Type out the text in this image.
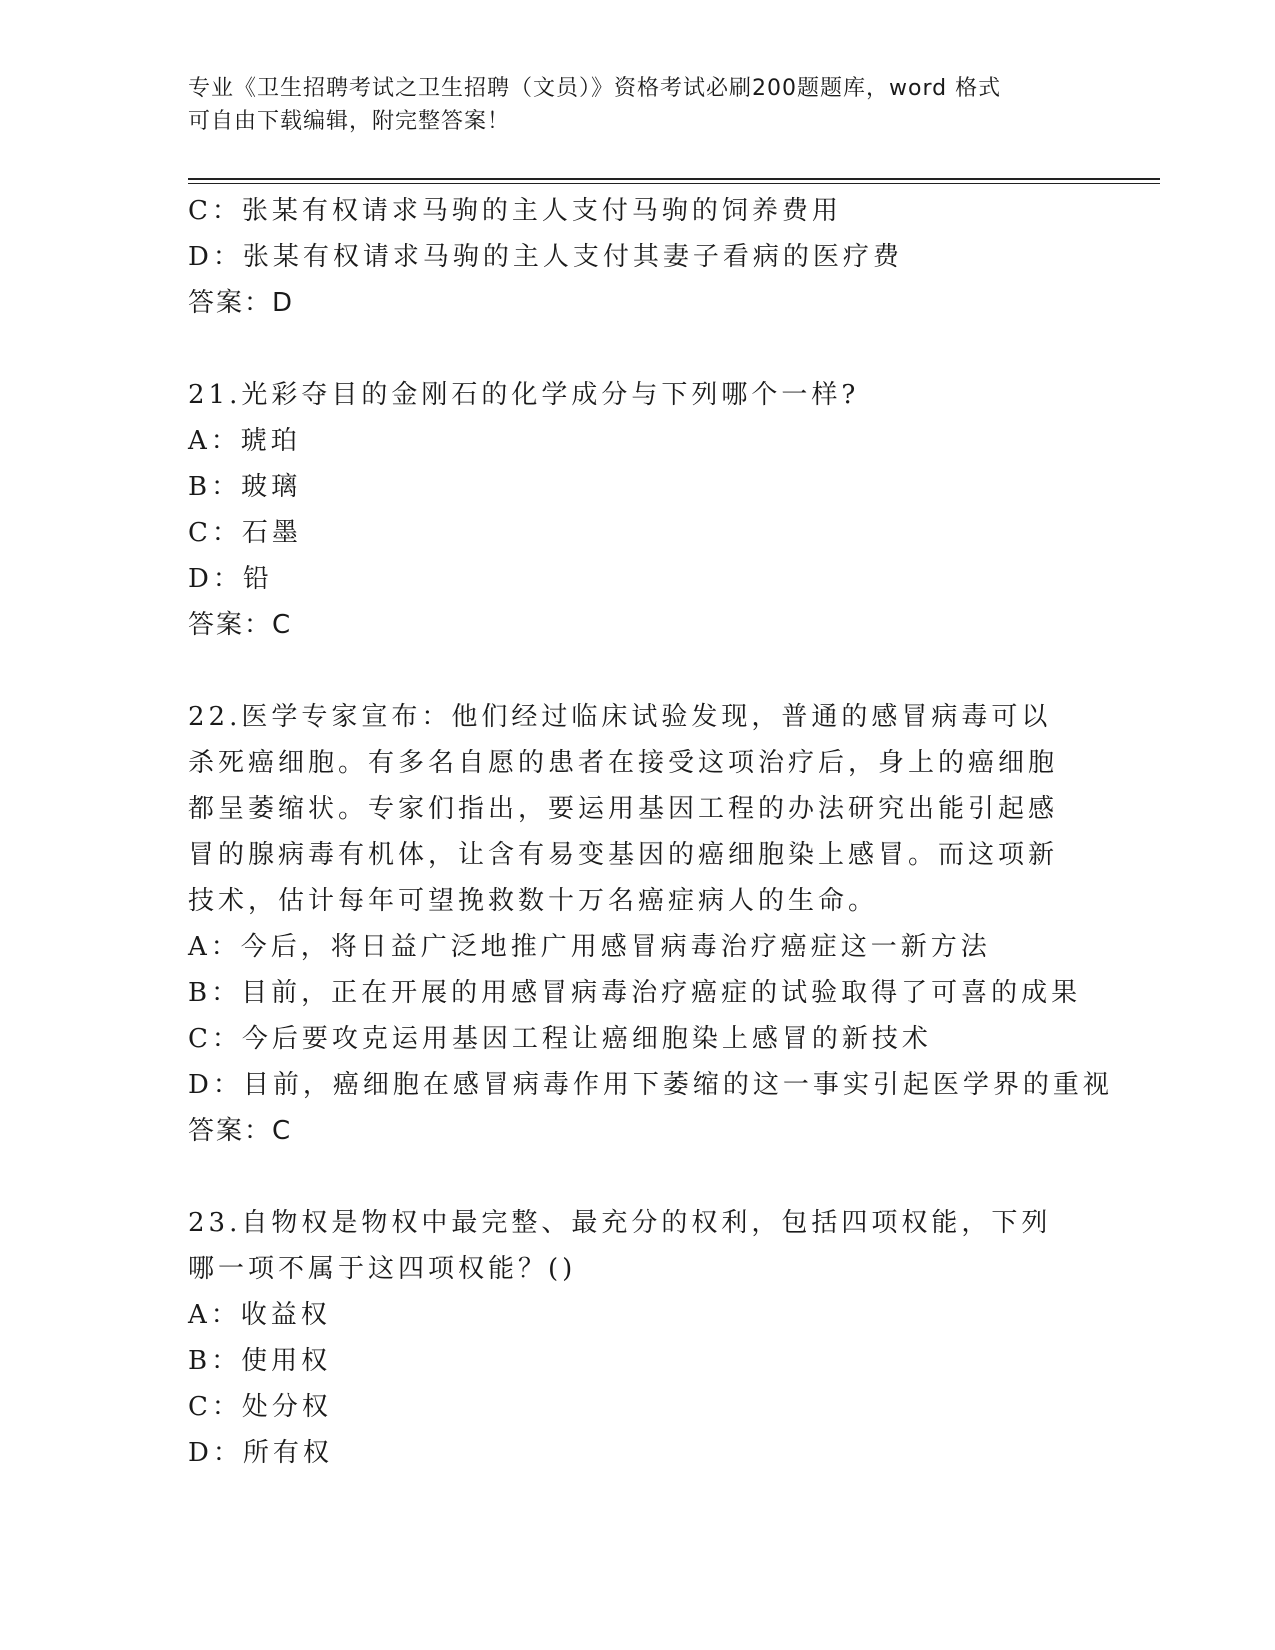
专业《卫生招聘考试之卫生招聘（文员）》资格考试必刷200题题库，word 格式
可自由下载编辑，附完整答案！
C：张某有权请求马驹的主人支付马驹的饲养费用
D：张某有权请求马驹的主人支付其妻子看病的医疗费
答案：D
21.光彩夺目的金刚石的化学成分与下列哪个一样?
A：琥珀
B：玻璃
C：石墨
D：铅
答案：C
22.医学专家宣布：他们经过临床试验发现，普通的感冒病毒可以杀死癌细胞。有多名自愿的患者在接受这项治疗后，身上的癌细胞都呈萎缩状。专家们指出，要运用基因工程的办法研究出能引起感冒的腺病毒有机体，让含有易变基因的癌细胞染上感冒。而这项新技术，估计每年可望挽救数十万名癌症病人的生命。
A：今后，将日益广泛地推广用感冒病毒治疗癌症这一新方法
B：目前，正在开展的用感冒病毒治疗癌症的试验取得了可喜的成果
C：今后要攻克运用基因工程让癌细胞染上感冒的新技术
D：目前，癌细胞在感冒病毒作用下萎缩的这一事实引起医学界的重视
答案：C
23.自物权是物权中最完整、最充分的权利，包括四项权能，下列哪一项不属于这四项权能？()
A：收益权
B：使用权
C：处分权
D：所有权
